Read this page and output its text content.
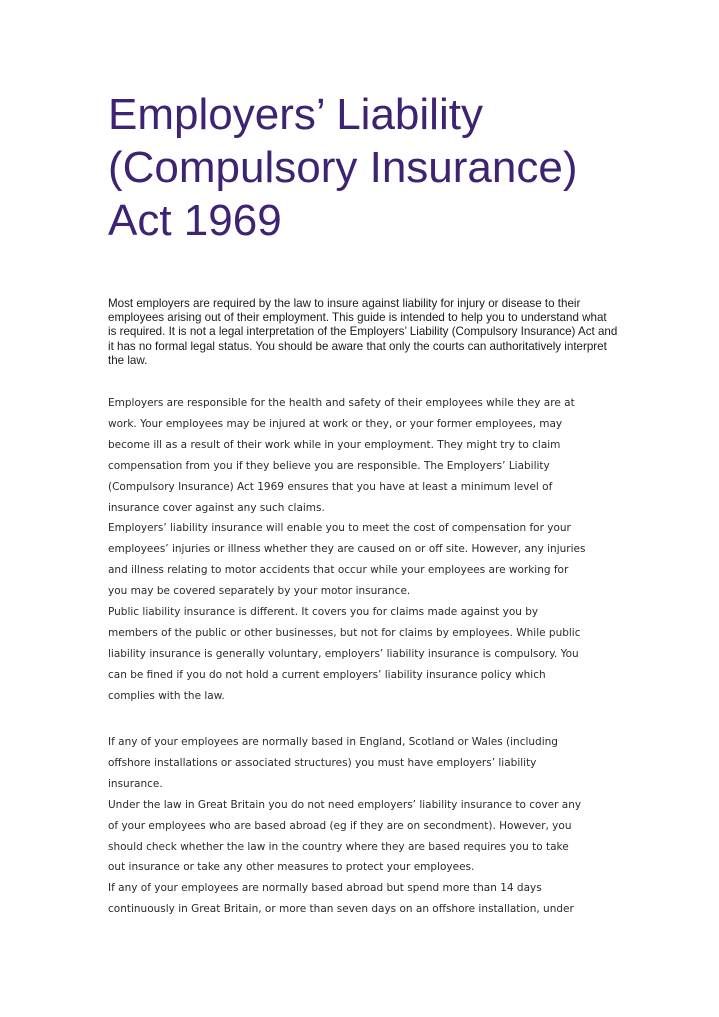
Employers’ Liability
(Compulsory Insurance)
Act 1969

Most employers are required by the law to insure against liability for injury or disease to their employees arising out of their employment. This guide is intended to help you to understand what is required. It is not a legal interpretation of the Employers’ Liability (Compulsory Insurance) Act and it has no formal legal status. You should be aware that only the courts can authoritatively interpret the law.

Employers are responsible for the health and safety of their employees while they are at
work. Your employees may be injured at work or they, or your former employees, may
become ill as a result of their work while in your employment. They might try to claim
compensation from you if they believe you are responsible. The Employers’ Liability
(Compulsory Insurance) Act 1969 ensures that you have at least a minimum level of
insurance cover against any such claims.
Employers’ liability insurance will enable you to meet the cost of compensation for your
employees’ injuries or illness whether they are caused on or off site. However, any injuries
and illness relating to motor accidents that occur while your employees are working for
you may be covered separately by your motor insurance.
Public liability insurance is different. It covers you for claims made against you by
members of the public or other businesses, but not for claims by employees. While public
liability insurance is generally voluntary, employers’ liability insurance is compulsory. You
can be fined if you do not hold a current employers’ liability insurance policy which
complies with the law.
If any of your employees are normally based in England, Scotland or Wales (including
offshore installations or associated structures) you must have employers’ liability
insurance.
Under the law in Great Britain you do not need employers’ liability insurance to cover any
of your employees who are based abroad (eg if they are on secondment). However, you
should check whether the law in the country where they are based requires you to take
out insurance or take any other measures to protect your employees.
If any of your employees are normally based abroad but spend more than 14 days
continuously in Great Britain, or more than seven days on an offshore installation, under
